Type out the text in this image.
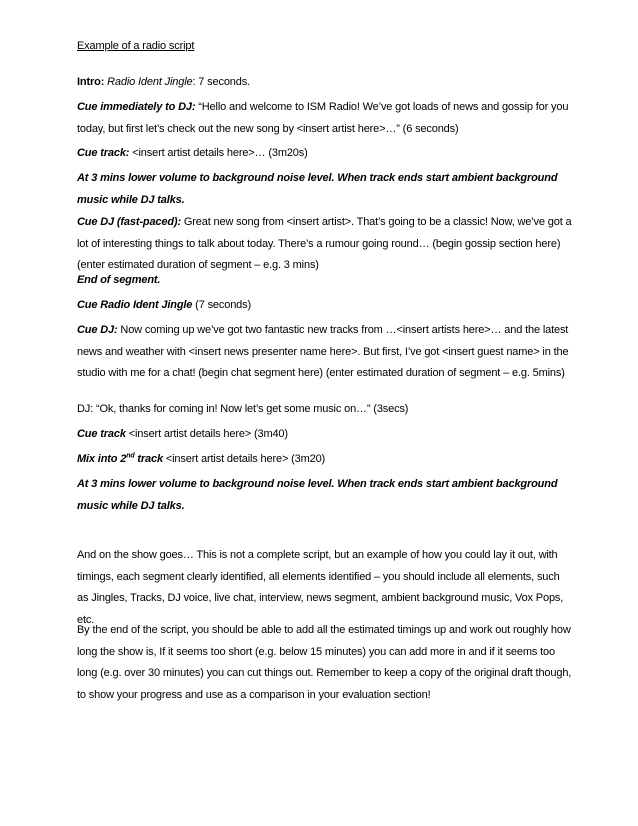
Example of a radio script
Intro: Radio Ident Jingle: 7 seconds.
Cue immediately to DJ: “Hello and welcome to ISM Radio! We’ve got loads of news and gossip for you today, but first let’s check out the new song by <insert artist here>…” (6 seconds)
Cue track: <insert artist details here>… (3m20s)
At 3 mins lower volume to background noise level. When track ends start ambient background music while DJ talks.
Cue DJ (fast-paced): Great new song from <insert artist>. That’s going to be a classic! Now, we’ve got a lot of interesting things to talk about today. There’s a rumour going round… (begin gossip section here) (enter estimated duration of segment – e.g. 3 mins)
End of segment.
Cue Radio Ident Jingle (7 seconds)
Cue DJ: Now coming up we’ve got two fantastic new tracks from …<insert artists here>… and the latest news and weather with <insert news presenter name here>. But first, I’ve got <insert guest name> in the studio with me for a chat! (begin chat segment here) (enter estimated duration of segment – e.g. 5mins)
DJ: “Ok, thanks for coming in! Now let’s get some music on…” (3secs)
Cue track <insert artist details here> (3m40)
Mix into 2nd track <insert artist details here> (3m20)
At 3 mins lower volume to background noise level. When track ends start ambient background music while DJ talks.
And on the show goes… This is not a complete script, but an example of how you could lay it out, with timings, each segment clearly identified, all elements identified – you should include all elements, such as Jingles, Tracks, DJ voice, live chat, interview, news segment, ambient background music, Vox Pops, etc.
By the end of the script, you should be able to add all the estimated timings up and work out roughly how long the show is, If it seems too short (e.g. below 15 minutes) you can add more in and if it seems too long (e.g. over 30 minutes) you can cut things out. Remember to keep a copy of the original draft though, to show your progress and use as a comparison in your evaluation section!
